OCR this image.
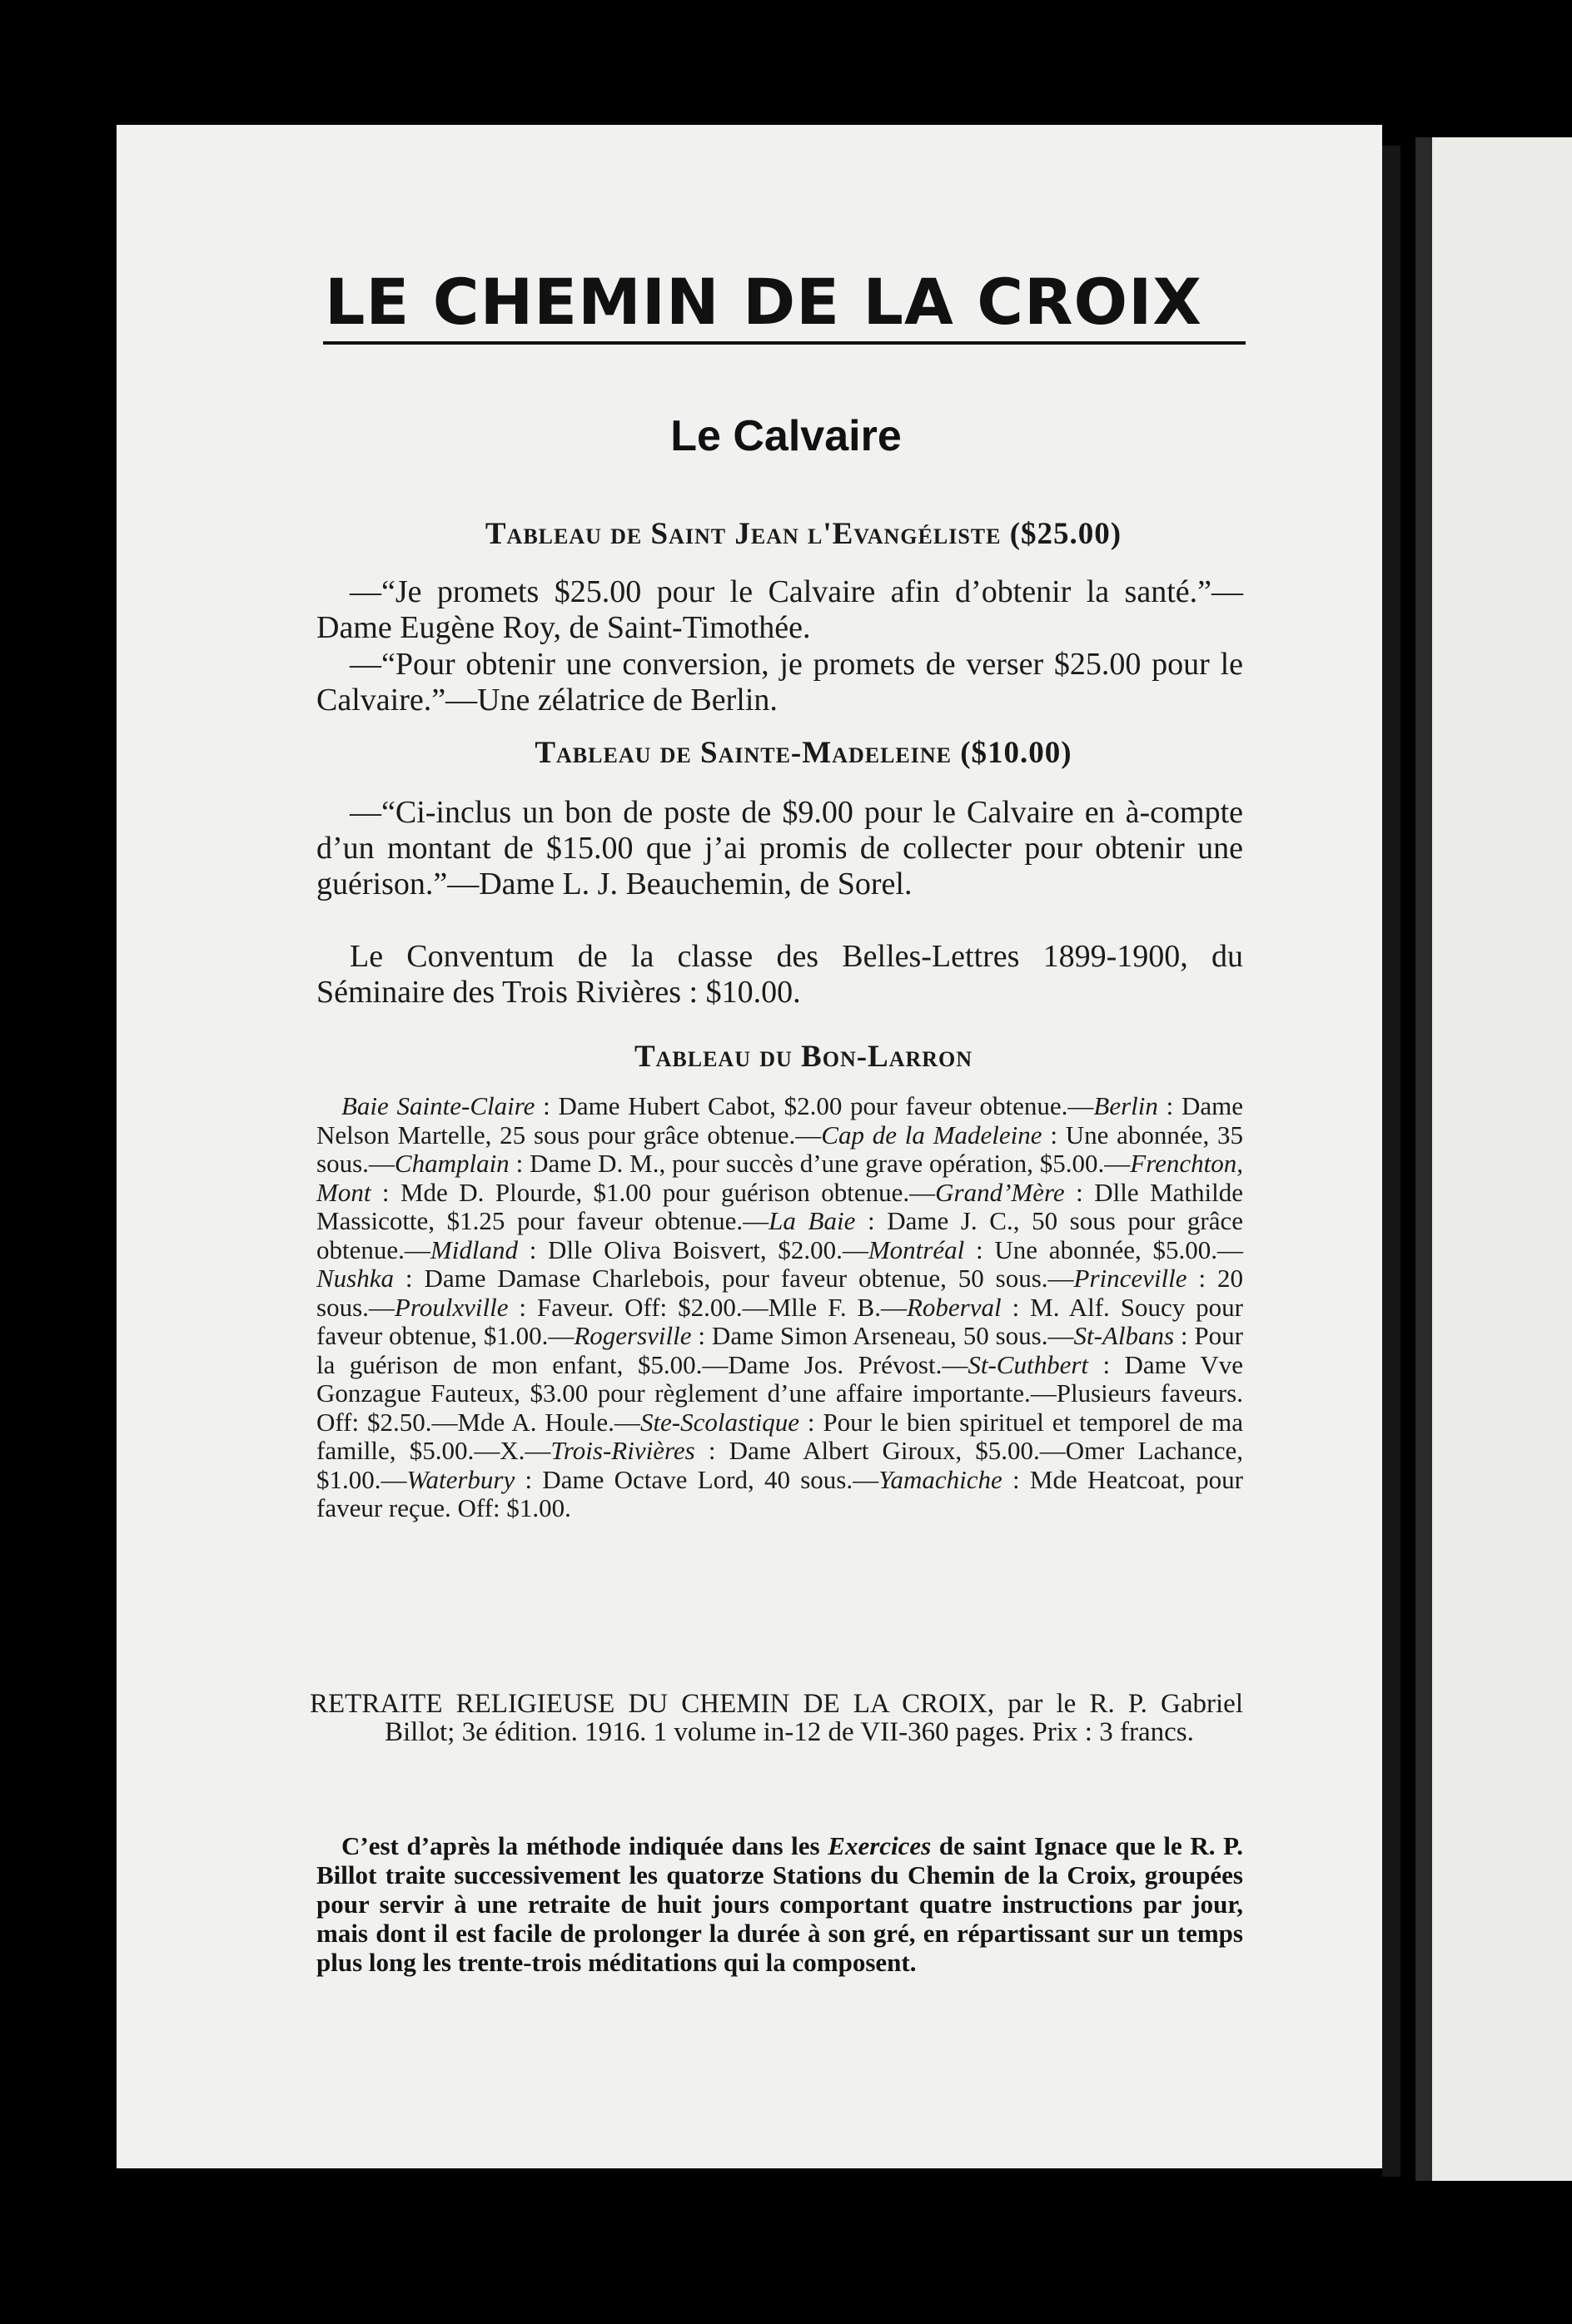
LE CHEMIN DE LA CROIX
Le Calvaire
Tableau de Saint Jean l'Evangéliste ($25.00)

—“Je promets $25.00 pour le Calvaire afin d’obtenir la santé.”—Dame Eugène Roy, de Saint-Timothée.

—“Pour obtenir une conversion, je promets de verser $25.00 pour le Calvaire.”—Une zélatrice de Berlin.

Tableau de Sainte-Madeleine ($10.00)

—“Ci-inclus un bon de poste de $9.00 pour le Calvaire en à-compte d’un montant de $15.00 que j’ai promis de collecter pour obtenir une guérison.”—Dame L. J. Beauchemin, de Sorel.

Le Conventum de la classe des Belles-Lettres 1899-1900, du Séminaire des Trois Rivières : $10.00.

Tableau du Bon-Larron

Baie Sainte-Claire : Dame Hubert Cabot, $2.00 pour faveur obtenue.—Berlin : Dame Nelson Martelle, 25 sous pour grâce obtenue.—Cap de la Madeleine : Une abonnée, 35 sous.—Champlain : Dame D. M., pour succès d’une grave opération, $5.00.—Frenchton, Mont : Mde D. Plourde, $1.00 pour guérison obtenue.—Grand’Mère : Dlle Mathilde Massicotte, $1.25 pour faveur obtenue.—La Baie : Dame J. C., 50 sous pour grâce obtenue.—Midland : Dlle Oliva Boisvert, $2.00.—Montréal : Une abonnée, $5.00.—Nushka : Dame Damase Charlebois, pour faveur obtenue, 50 sous.—Princeville : 20 sous.—Proulxville : Faveur. Off: $2.00.—Mlle F. B.—Roberval : M. Alf. Soucy pour faveur obtenue, $1.00.—Rogersville : Dame Simon Arseneau, 50 sous.—St-Albans : Pour la guérison de mon enfant, $5.00.—Dame Jos. Prévost.—St-Cuthbert : Dame Vve Gonzague Fauteux, $3.00 pour règlement d’une affaire importante.—Plusieurs faveurs. Off: $2.50.—Mde A. Houle.—Ste-Scolastique : Pour le bien spirituel et temporel de ma famille, $5.00.—X.—Trois-Rivières : Dame Albert Giroux, $5.00.—Omer Lachance, $1.00.—Waterbury : Dame Octave Lord, 40 sous.—Yamachiche : Mde Heatcoat, pour faveur reçue. Off: $1.00.

RETRAITE RELIGIEUSE DU CHEMIN DE LA CROIX, par le R. P. Gabriel Billot; 3e édition. 1916. 1 volume in-12 de VII-360 pages. Prix : 3 francs.

C’est d’après la méthode indiquée dans les Exercices de saint Ignace que le R. P. Billot traite successivement les quatorze Stations du Chemin de la Croix, groupées pour servir à une retraite de huit jours comportant quatre instructions par jour, mais dont il est facile de prolonger la durée à son gré, en répartissant sur un temps plus long les trente-trois méditations qui la composent.
